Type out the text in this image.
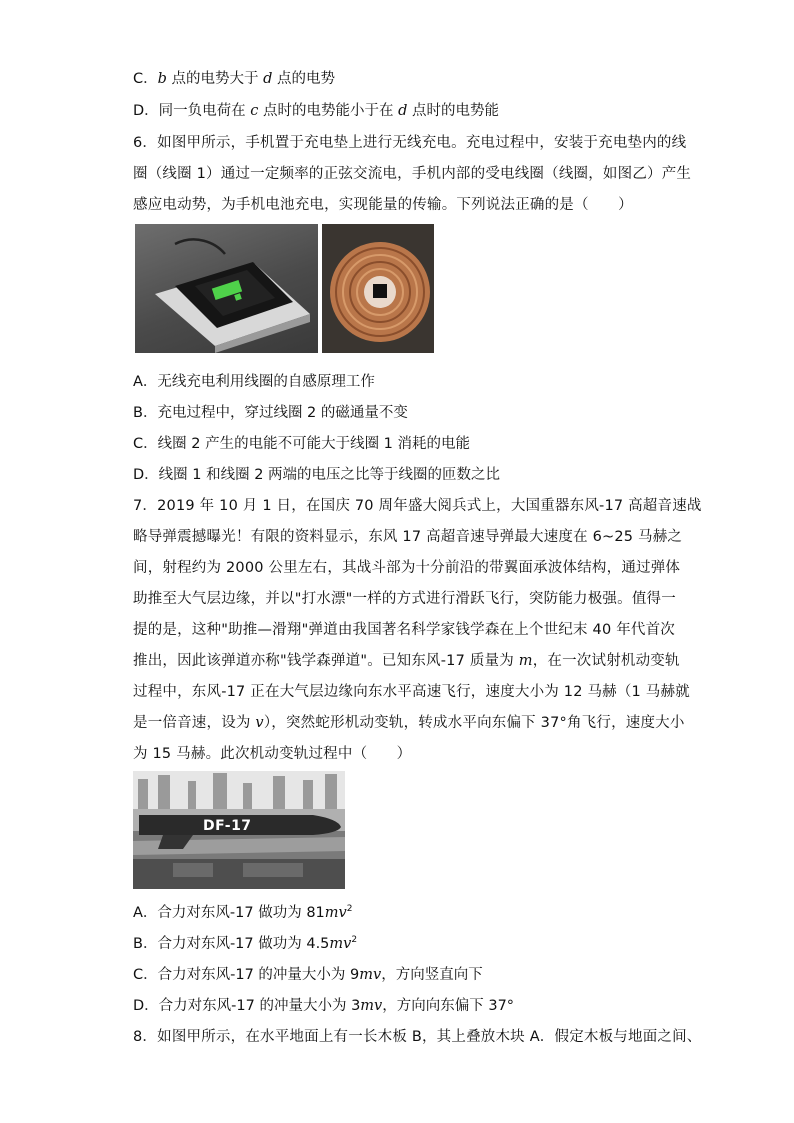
C．b 点的电势大于 d 点的电势
D．同一负电荷在 c 点时的电势能小于在 d 点时的电势能
6．如图甲所示，手机置于充电垫上进行无线充电。充电过程中，安装于充电垫内的线
圈（线圈 1）通过一定频率的正弦交流电，手机内部的受电线圈（线圈，如图乙）产生
感应电动势，为手机电池充电，实现能量的传输。下列说法正确的是（　　）
A．无线充电利用线圈的自感原理工作
B．充电过程中，穿过线圈 2 的磁通量不变
C．线圈 2 产生的电能不可能大于线圈 1 消耗的电能
D．线圈 1 和线圈 2 两端的电压之比等于线圈的匝数之比
7．2019 年 10 月 1 日，在国庆 70 周年盛大阅兵式上，大国重器东风-17 高超音速战
略导弹震撼曝光！有限的资料显示，东风 17 高超音速导弹最大速度在 6~25 马赫之
间，射程约为 2000 公里左右，其战斗部为十分前沿的带翼面承波体结构，通过弹体
助推至大气层边缘，并以"打水漂"一样的方式进行滑跃飞行，突防能力极强。值得一
提的是，这种"助推—滑翔"弹道由我国著名科学家钱学森在上个世纪末 40 年代首次
推出，因此该弹道亦称"钱学森弹道"。已知东风-17 质量为 m，在一次试射机动变轨
过程中，东风-17 正在大气层边缘向东水平高速飞行，速度大小为 12 马赫（1 马赫就
是一倍音速，设为 v），突然蛇形机动变轨，转成水平向东偏下 37°角飞行，速度大小
为 15 马赫。此次机动变轨过程中（　　）
DF-17
A．合力对东风-17 做功为 $81mv^2$
B．合力对东风-17 做功为 $4.5mv^2$
C．合力对东风-17 的冲量大小为 9mv，方向竖直向下
D．合力对东风-17 的冲量大小为 3mv，方向向东偏下 37°
8．如图甲所示，在水平地面上有一长木板 B，其上叠放木块 A．假定木板与地面之间、
